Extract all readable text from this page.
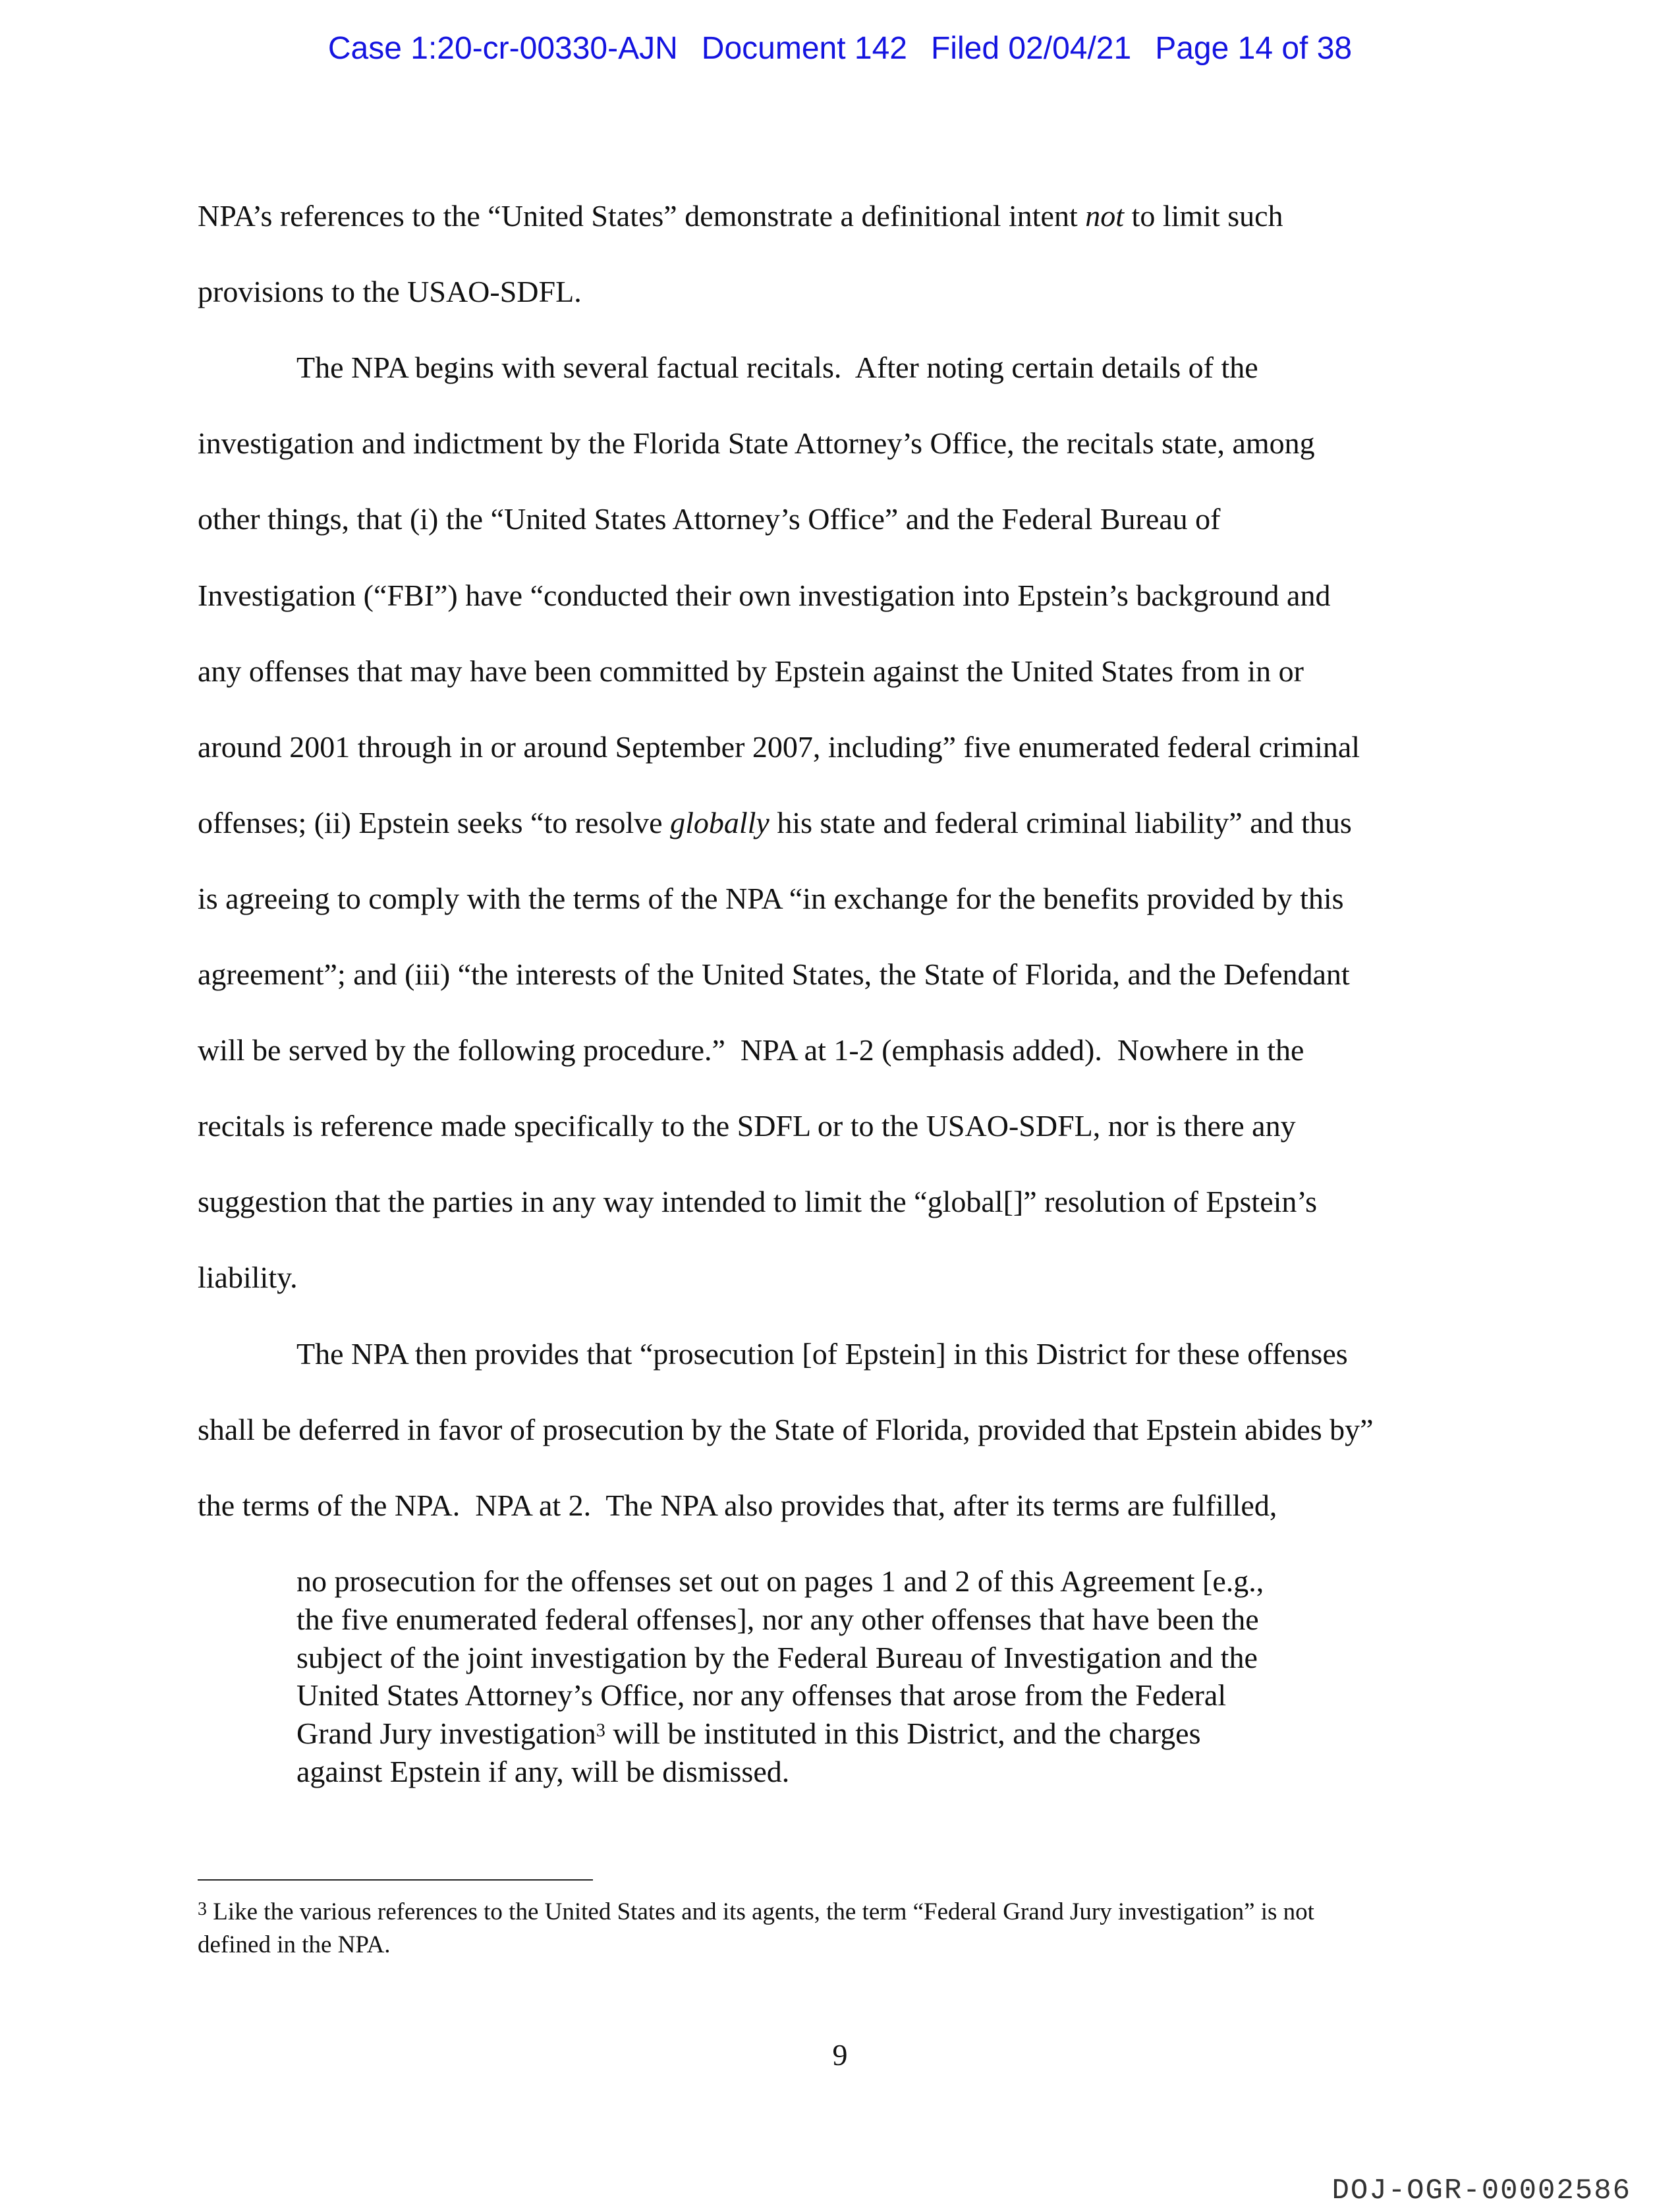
Case 1:20-cr-00330-AJN Document 142 Filed 02/04/21 Page 14 of 38
NPA’s references to the “United States” demonstrate a definitional intent not to limit such
provisions to the USAO-SDFL.
The NPA begins with several factual recitals.  After noting certain details of the
investigation and indictment by the Florida State Attorney’s Office, the recitals state, among
other things, that (i) the “United States Attorney’s Office” and the Federal Bureau of
Investigation (“FBI”) have “conducted their own investigation into Epstein’s background and
any offenses that may have been committed by Epstein against the United States from in or
around 2001 through in or around September 2007, including” five enumerated federal criminal
offenses; (ii) Epstein seeks “to resolve globally his state and federal criminal liability” and thus
is agreeing to comply with the terms of the NPA “in exchange for the benefits provided by this
agreement”; and (iii) “the interests of the United States, the State of Florida, and the Defendant
will be served by the following procedure.”  NPA at 1-2 (emphasis added).  Nowhere in the
recitals is reference made specifically to the SDFL or to the USAO-SDFL, nor is there any
suggestion that the parties in any way intended to limit the “global[]” resolution of Epstein’s
liability.
The NPA then provides that “prosecution [of Epstein] in this District for these offenses
shall be deferred in favor of prosecution by the State of Florida, provided that Epstein abides by”
the terms of the NPA.  NPA at 2.  The NPA also provides that, after its terms are fulfilled,
no prosecution for the offenses set out on pages 1 and 2 of this Agreement [e.g.,
the five enumerated federal offenses], nor any other offenses that have been the
subject of the joint investigation by the Federal Bureau of Investigation and the
United States Attorney’s Office, nor any offenses that arose from the Federal
Grand Jury investigation$^3$ will be instituted in this District, and the charges
against Epstein if any, will be dismissed.
$^3$ Like the various references to the United States and its agents, the term “Federal Grand Jury investigation” is not
defined in the NPA.
9
DOJ-OGR-00002586
